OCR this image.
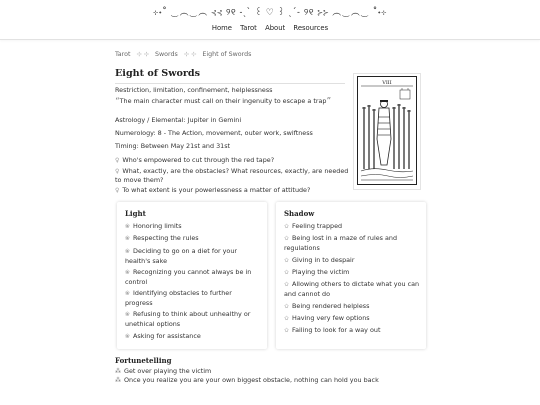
⊹˖˚ ‿︵‿︵ ⊰⊰ ୨୧ ˗ˏˋ ꒰ ♡ ꒱ ˎˊ˗ ୨୧ ⊱⊱ ︵‿︵‿ ˚˖⊹
Home Tarot About Resources
Tarot ⊹ ⊹ Swords ⊹ ⊹ Eight of Swords
Eight of Swords

Restriction, limitation, confinement, helplessness

“The main character must call on their ingenuity to escape a trap”

Astrology / Elemental: Jupiter in Gemini

Numerology: 8 - The Action, movement, outer work, swiftness

Timing: Between May 21st and 31st

♀ Who's empowered to cut through the red tape?
♀ What, exactly, are the obstacles? What resources, exactly, are needed to move them?
♀ To what extent is your powerlessness a matter of attitude?
VIII
Light
❀ Honoring limits
❀ Respecting the rules
❀ Deciding to go on a diet for your health's sake
❀ Recognizing you cannot always be in control
❀ Identifying obstacles to further progress
❀ Refusing to think about unhealthy or unethical options
❀ Asking for assistance
Shadow
✩ Feeling trapped
✩ Being lost in a maze of rules and regulations
✩ Giving in to despair
✩ Playing the victim
✩ Allowing others to dictate what you can and cannot do
✩ Being rendered helpless
✩ Having very few options
✩ Failing to look for a way out
Fortunetelling
⁂ Get over playing the victim
⁂ Once you realize you are your own biggest obstacle, nothing can hold you back
